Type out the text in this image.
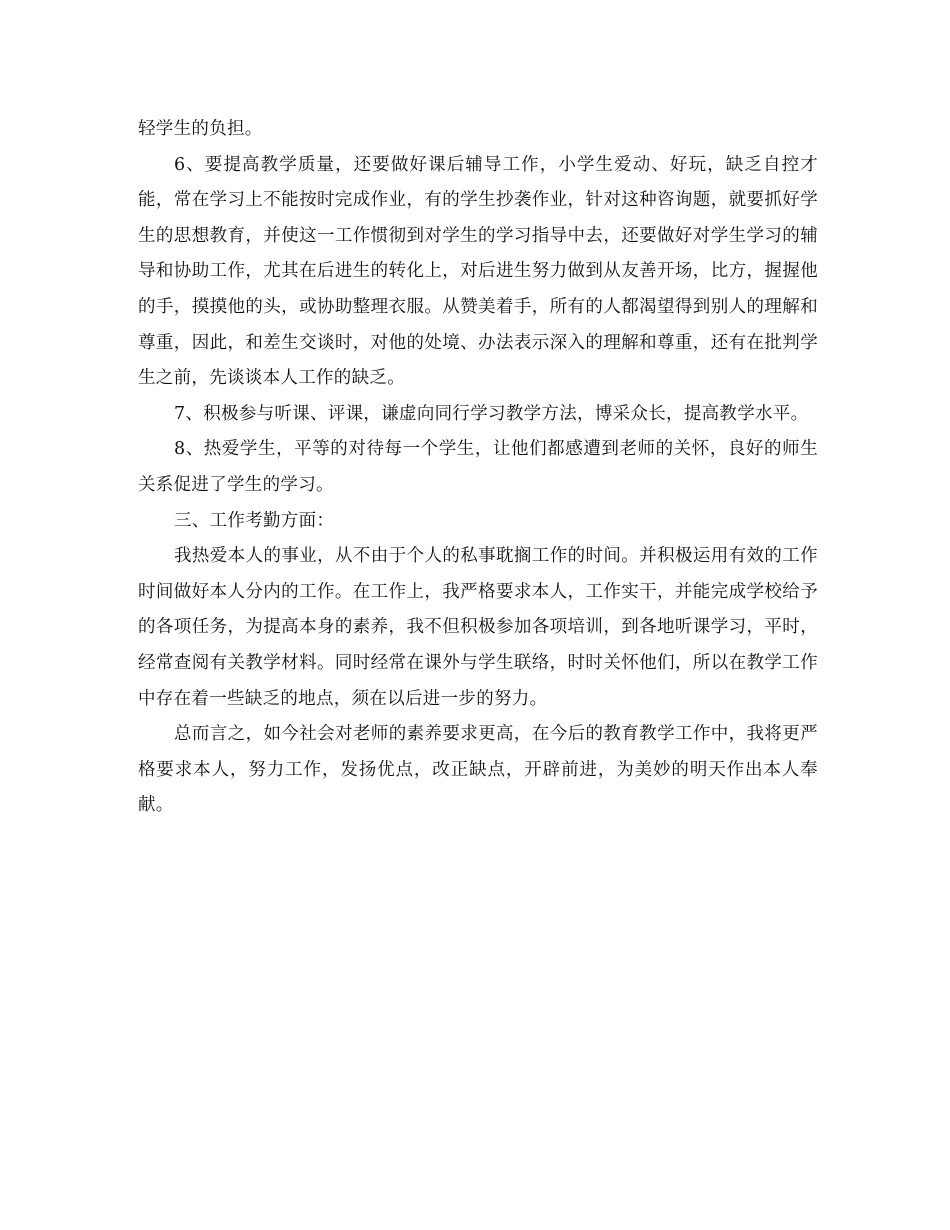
轻学生的负担。

6、要提高教学质量，还要做好课后辅导工作，小学生爱动、好玩，缺乏自控才能，常在学习上不能按时完成作业，有的学生抄袭作业，针对这种咨询题，就要抓好学生的思想教育，并使这一工作惯彻到对学生的学习指导中去，还要做好对学生学习的辅导和协助工作，尤其在后进生的转化上，对后进生努力做到从友善开场，比方，握握他的手，摸摸他的头，或协助整理衣服。从赞美着手，所有的人都渴望得到别人的理解和尊重，因此，和差生交谈时，对他的处境、办法表示深入的理解和尊重，还有在批判学生之前，先谈谈本人工作的缺乏。

7、积极参与听课、评课，谦虚向同行学习教学方法，博采众长，提高教学水平。

8、热爱学生，平等的对待每一个学生，让他们都感遭到老师的关怀，良好的师生关系促进了学生的学习。

三、工作考勤方面：

我热爱本人的事业，从不由于个人的私事耽搁工作的时间。并积极运用有效的工作时间做好本人分内的工作。在工作上，我严格要求本人，工作实干，并能完成学校给予的各项任务，为提高本身的素养，我不但积极参加各项培训，到各地听课学习，平时，经常查阅有关教学材料。同时经常在课外与学生联络，时时关怀他们，所以在教学工作中存在着一些缺乏的地点，须在以后进一步的努力。

总而言之，如今社会对老师的素养要求更高，在今后的教育教学工作中，我将更严格要求本人，努力工作，发扬优点，改正缺点，开辟前进，为美妙的明天作出本人奉献。
